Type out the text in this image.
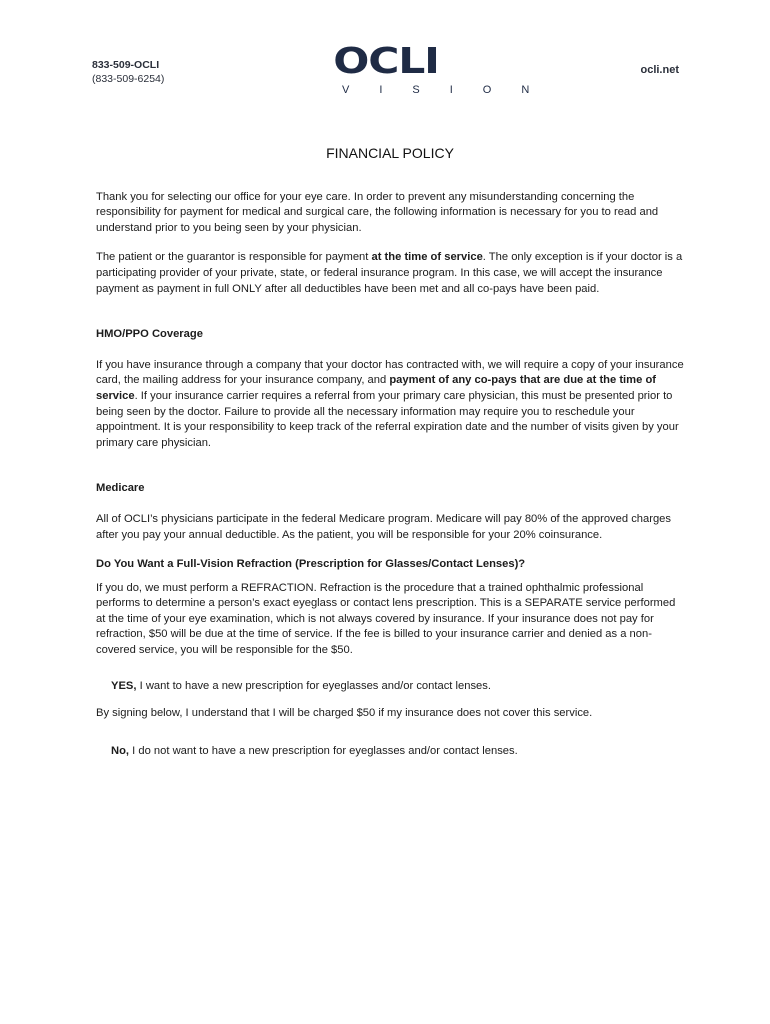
833-509-OCLI
(833-509-6254)	OCLI
VISION
ocli.net
FINANCIAL POLICY

Thank you for selecting our office for your eye care. In order to prevent any misunderstanding concerning the responsibility for payment for medical and surgical care, the following information is necessary for you to read and understand prior to you being seen by your physician.

The patient or the guarantor is responsible for payment at the time of service. The only exception is if your doctor is a participating provider of your private, state, or federal insurance program. In this case, we will accept the insurance payment as payment in full ONLY after all deductibles have been met and all co-pays have been paid.

HMO/PPO Coverage

If you have insurance through a company that your doctor has contracted with, we will require a copy of your insurance card, the mailing address for your insurance company, and payment of any co-pays that are due at the time of service. If your insurance carrier requires a referral from your primary care physician, this must be presented prior to being seen by the doctor. Failure to provide all the necessary information may require you to reschedule your appointment. It is your responsibility to keep track of the referral expiration date and the number of visits given by your primary care physician.

Medicare

All of OCLI’s physicians participate in the federal Medicare program. Medicare will pay 80% of the approved charges after you pay your annual deductible. As the patient, you will be responsible for your 20% coinsurance.

Do You Want a Full-Vision Refraction (Prescription for Glasses/Contact Lenses)?

If you do, we must perform a REFRACTION. Refraction is the procedure that a trained ophthalmic professional performs to determine a person’s exact eyeglass or contact lens prescription. This is a SEPARATE service performed at the time of your eye examination, which is not always covered by insurance. If your insurance does not pay for refraction, $50 will be due at the time of service. If the fee is billed to your insurance carrier and denied as a non-covered service, you will be responsible for the $50.

YES, I want to have a new prescription for eyeglasses and/or contact lenses.

By signing below, I understand that I will be charged $50 if my insurance does not cover this service.

No, I do not want to have a new prescription for eyeglasses and/or contact lenses.
